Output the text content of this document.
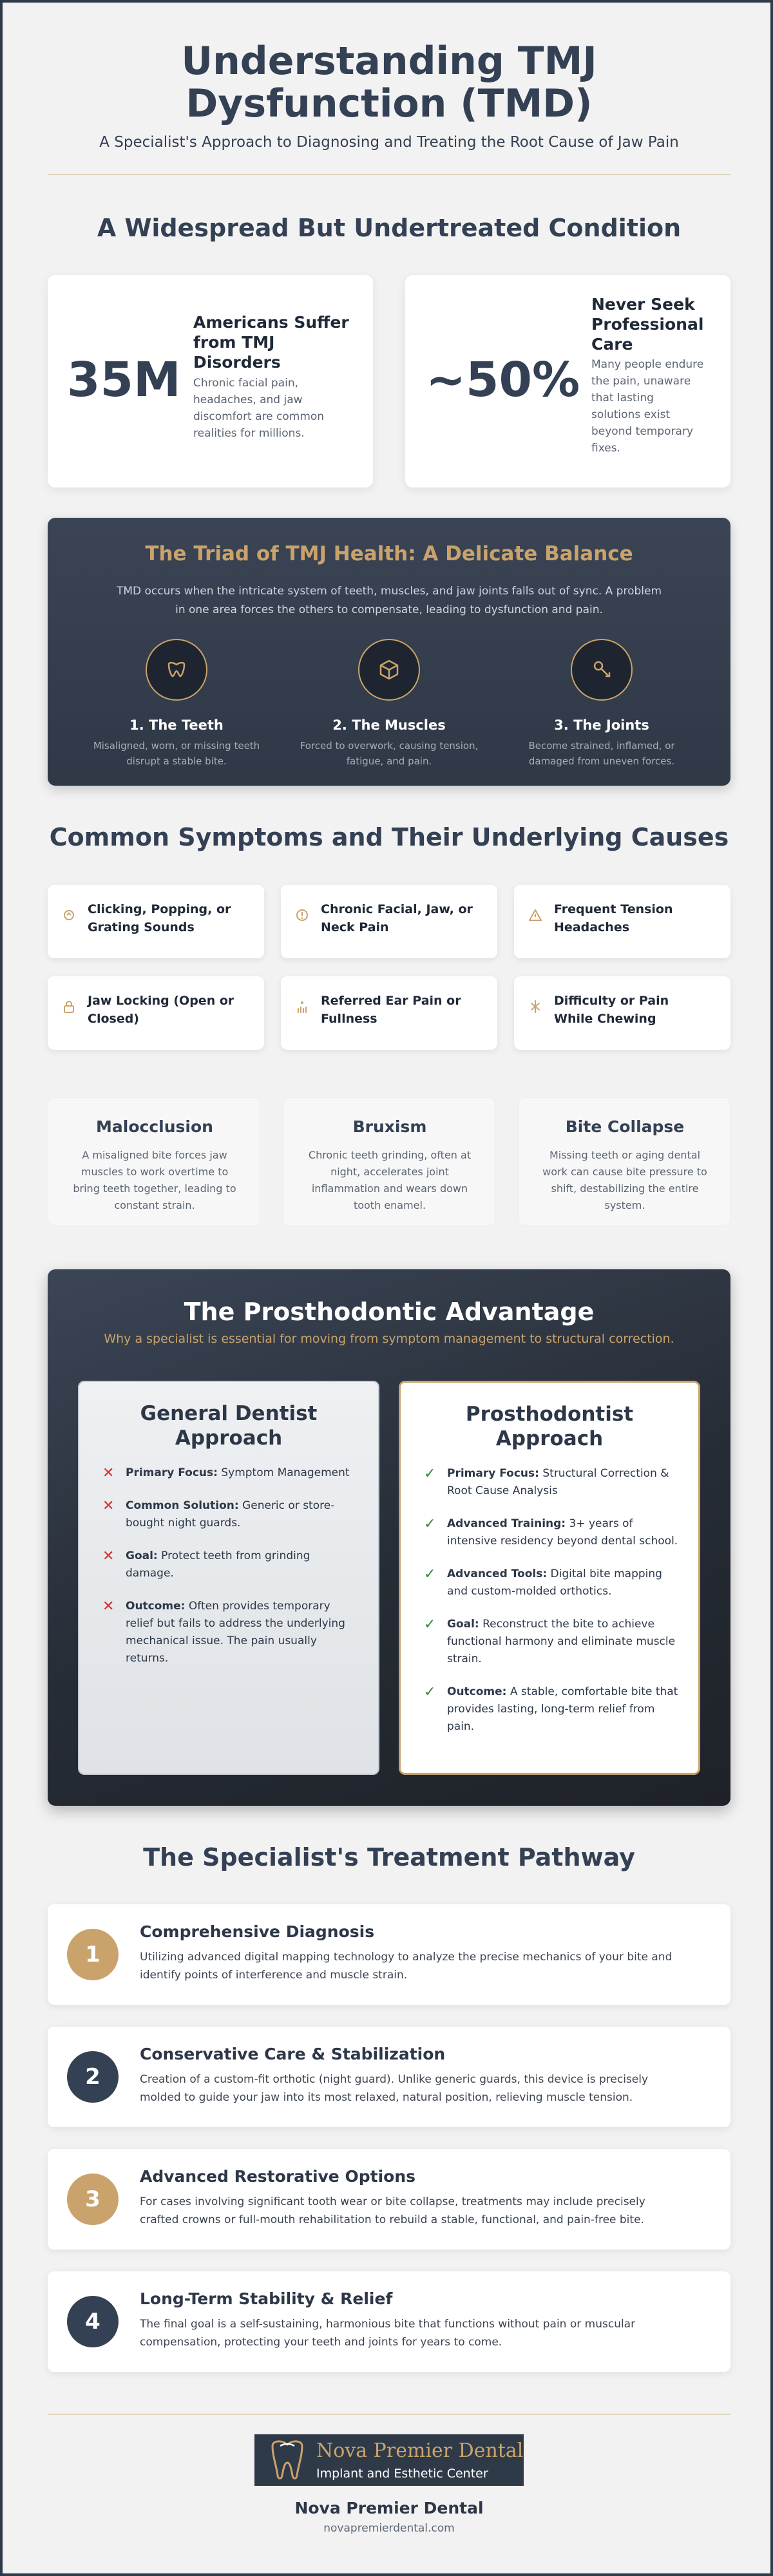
Understanding TMJ
Dysfunction (TMD)
A Specialist's Approach to Diagnosing and Treating the Root Cause of Jaw Pain
A Widespread But Undertreated Condition
35M
Americans Suffer
from TMJ
Disorders
Chronic facial pain,
headaches, and jaw
discomfort are common
realities for millions.
~50%
Never Seek
Professional
Care
Many people endure
the pain, unaware
that lasting
solutions exist
beyond temporary
fixes.
The Triad of TMJ Health: A Delicate Balance
TMD occurs when the intricate system of teeth, muscles, and jaw joints falls out of sync. A problem
in one area forces the others to compensate, leading to dysfunction and pain.
1. The Teeth
Misaligned, worn, or missing teeth
disrupt a stable bite.
2. The Muscles
Forced to overwork, causing tension,
fatigue, and pain.
3. The Joints
Become strained, inflamed, or
damaged from uneven forces.
Common Symptoms and Their Underlying Causes
Clicking, Popping, or
Grating Sounds
Chronic Facial, Jaw, or
Neck Pain
Frequent Tension
Headaches
Jaw Locking (Open or
Closed)
Referred Ear Pain or
Fullness
Difficulty or Pain
While Chewing
Malocclusion
A misaligned bite forces jaw
muscles to work overtime to
bring teeth together, leading to
constant strain.
Bruxism
Chronic teeth grinding, often at
night, accelerates joint
inflammation and wears down
tooth enamel.
Bite Collapse
Missing teeth or aging dental
work can cause bite pressure to
shift, destabilizing the entire
system.
The Prosthodontic Advantage
Why a specialist is essential for moving from symptom management to structural correction.
General Dentist
Approach
✕ Primary Focus: Symptom Management
✕ Common Solution: Generic or store-bought night guards.
✕ Goal: Protect teeth from grinding damage.
✕ Outcome: Often provides temporary relief but fails to address the underlying mechanical issue. The pain usually returns.
Prosthodontist
Approach
✓ Primary Focus: Structural Correction & Root Cause Analysis
✓ Advanced Training: 3+ years of intensive residency beyond dental school.
✓ Advanced Tools: Digital bite mapping and custom-molded orthotics.
✓ Goal: Reconstruct the bite to achieve functional harmony and eliminate muscle strain.
✓ Outcome: A stable, comfortable bite that provides lasting, long-term relief from pain.
The Specialist's Treatment Pathway
1
Comprehensive Diagnosis
Utilizing advanced digital mapping technology to analyze the precise mechanics of your bite and
identify points of interference and muscle strain.
2
Conservative Care & Stabilization
Creation of a custom-fit orthotic (night guard). Unlike generic guards, this device is precisely
molded to guide your jaw into its most relaxed, natural position, relieving muscle tension.
3
Advanced Restorative Options
For cases involving significant tooth wear or bite collapse, treatments may include precisely
crafted crowns or full-mouth rehabilitation to rebuild a stable, functional, and pain-free bite.
4
Long-Term Stability & Relief
The final goal is a self-sustaining, harmonious bite that functions without pain or muscular
compensation, protecting your teeth and joints for years to come.
Nova Premier Dental
Implant and Esthetic Center
Nova Premier Dental
novapremierdental.com
